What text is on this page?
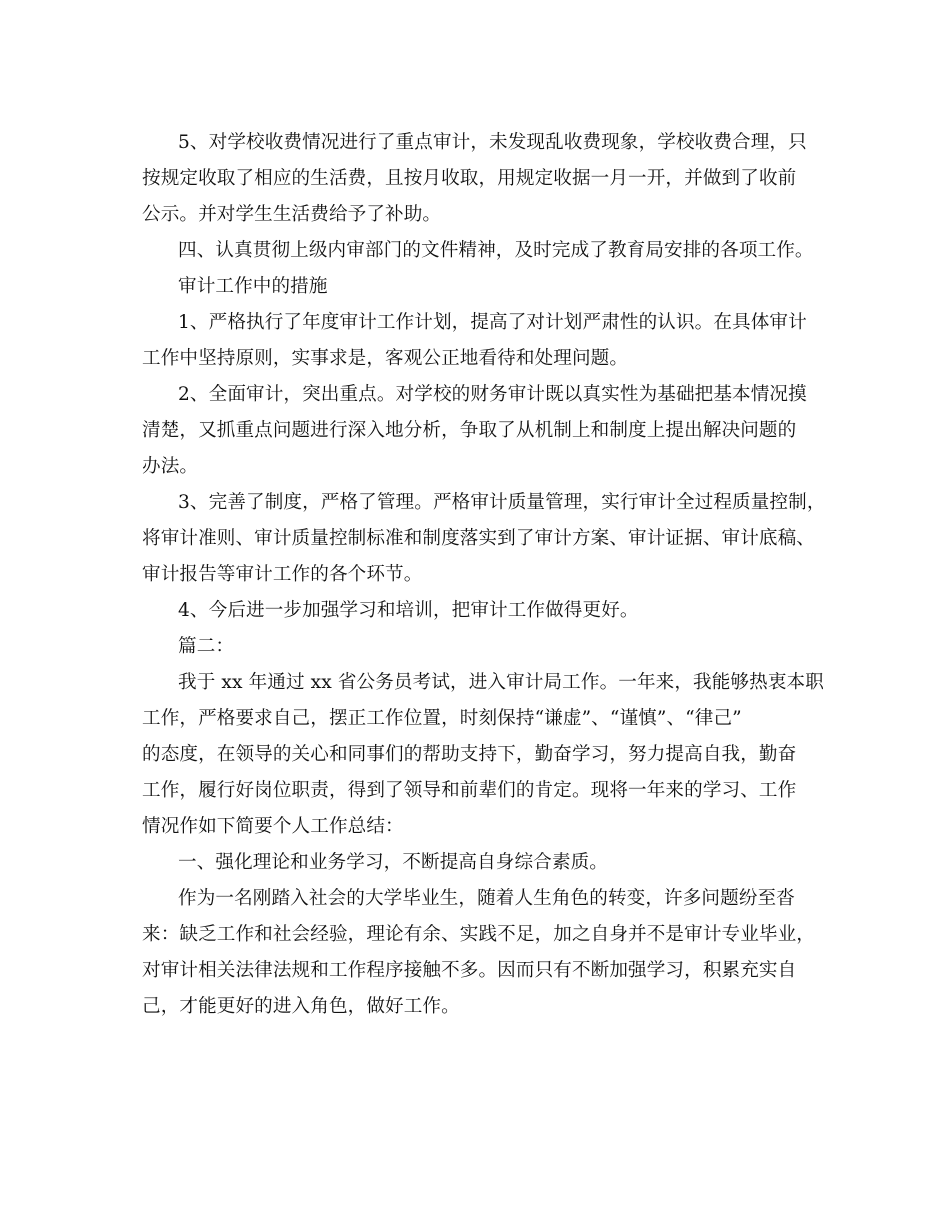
5、对学校收费情况进行了重点审计，未发现乱收费现象，学校收费合理，只
按规定收取了相应的生活费，且按月收取，用规定收据一月一开，并做到了收前
公示。并对学生生活费给予了补助。
四、认真贯彻上级内审部门的文件精神，及时完成了教育局安排的各项工作。
审计工作中的措施
1、严格执行了年度审计工作计划，提高了对计划严肃性的认识。在具体审计
工作中坚持原则，实事求是，客观公正地看待和处理问题。
2、全面审计，突出重点。对学校的财务审计既以真实性为基础把基本情况摸
清楚，又抓重点问题进行深入地分析，争取了从机制上和制度上提出解决问题的
办法。
3、完善了制度，严格了管理。严格审计质量管理，实行审计全过程质量控制，
将审计准则、审计质量控制标准和制度落实到了审计方案、审计证据、审计底稿、
审计报告等审计工作的各个环节。
4、今后进一步加强学习和培训，把审计工作做得更好。
篇二：
我于 xx 年通过 xx 省公务员考试，进入审计局工作。一年来，我能够热衷本职
工作，严格要求自己，摆正工作位置，时刻保持“谦虚”、“谨慎”、“律己”
的态度，在领导的关心和同事们的帮助支持下，勤奋学习，努力提高自我，勤奋
工作，履行好岗位职责，得到了领导和前辈们的肯定。现将一年来的学习、工作
情况作如下简要个人工作总结：
一、强化理论和业务学习，不断提高自身综合素质。
作为一名刚踏入社会的大学毕业生，随着人生角色的转变，许多问题纷至沓
来：缺乏工作和社会经验，理论有余、实践不足，加之自身并不是审计专业毕业，
对审计相关法律法规和工作程序接触不多。因而只有不断加强学习，积累充实自
己，才能更好的进入角色，做好工作。
